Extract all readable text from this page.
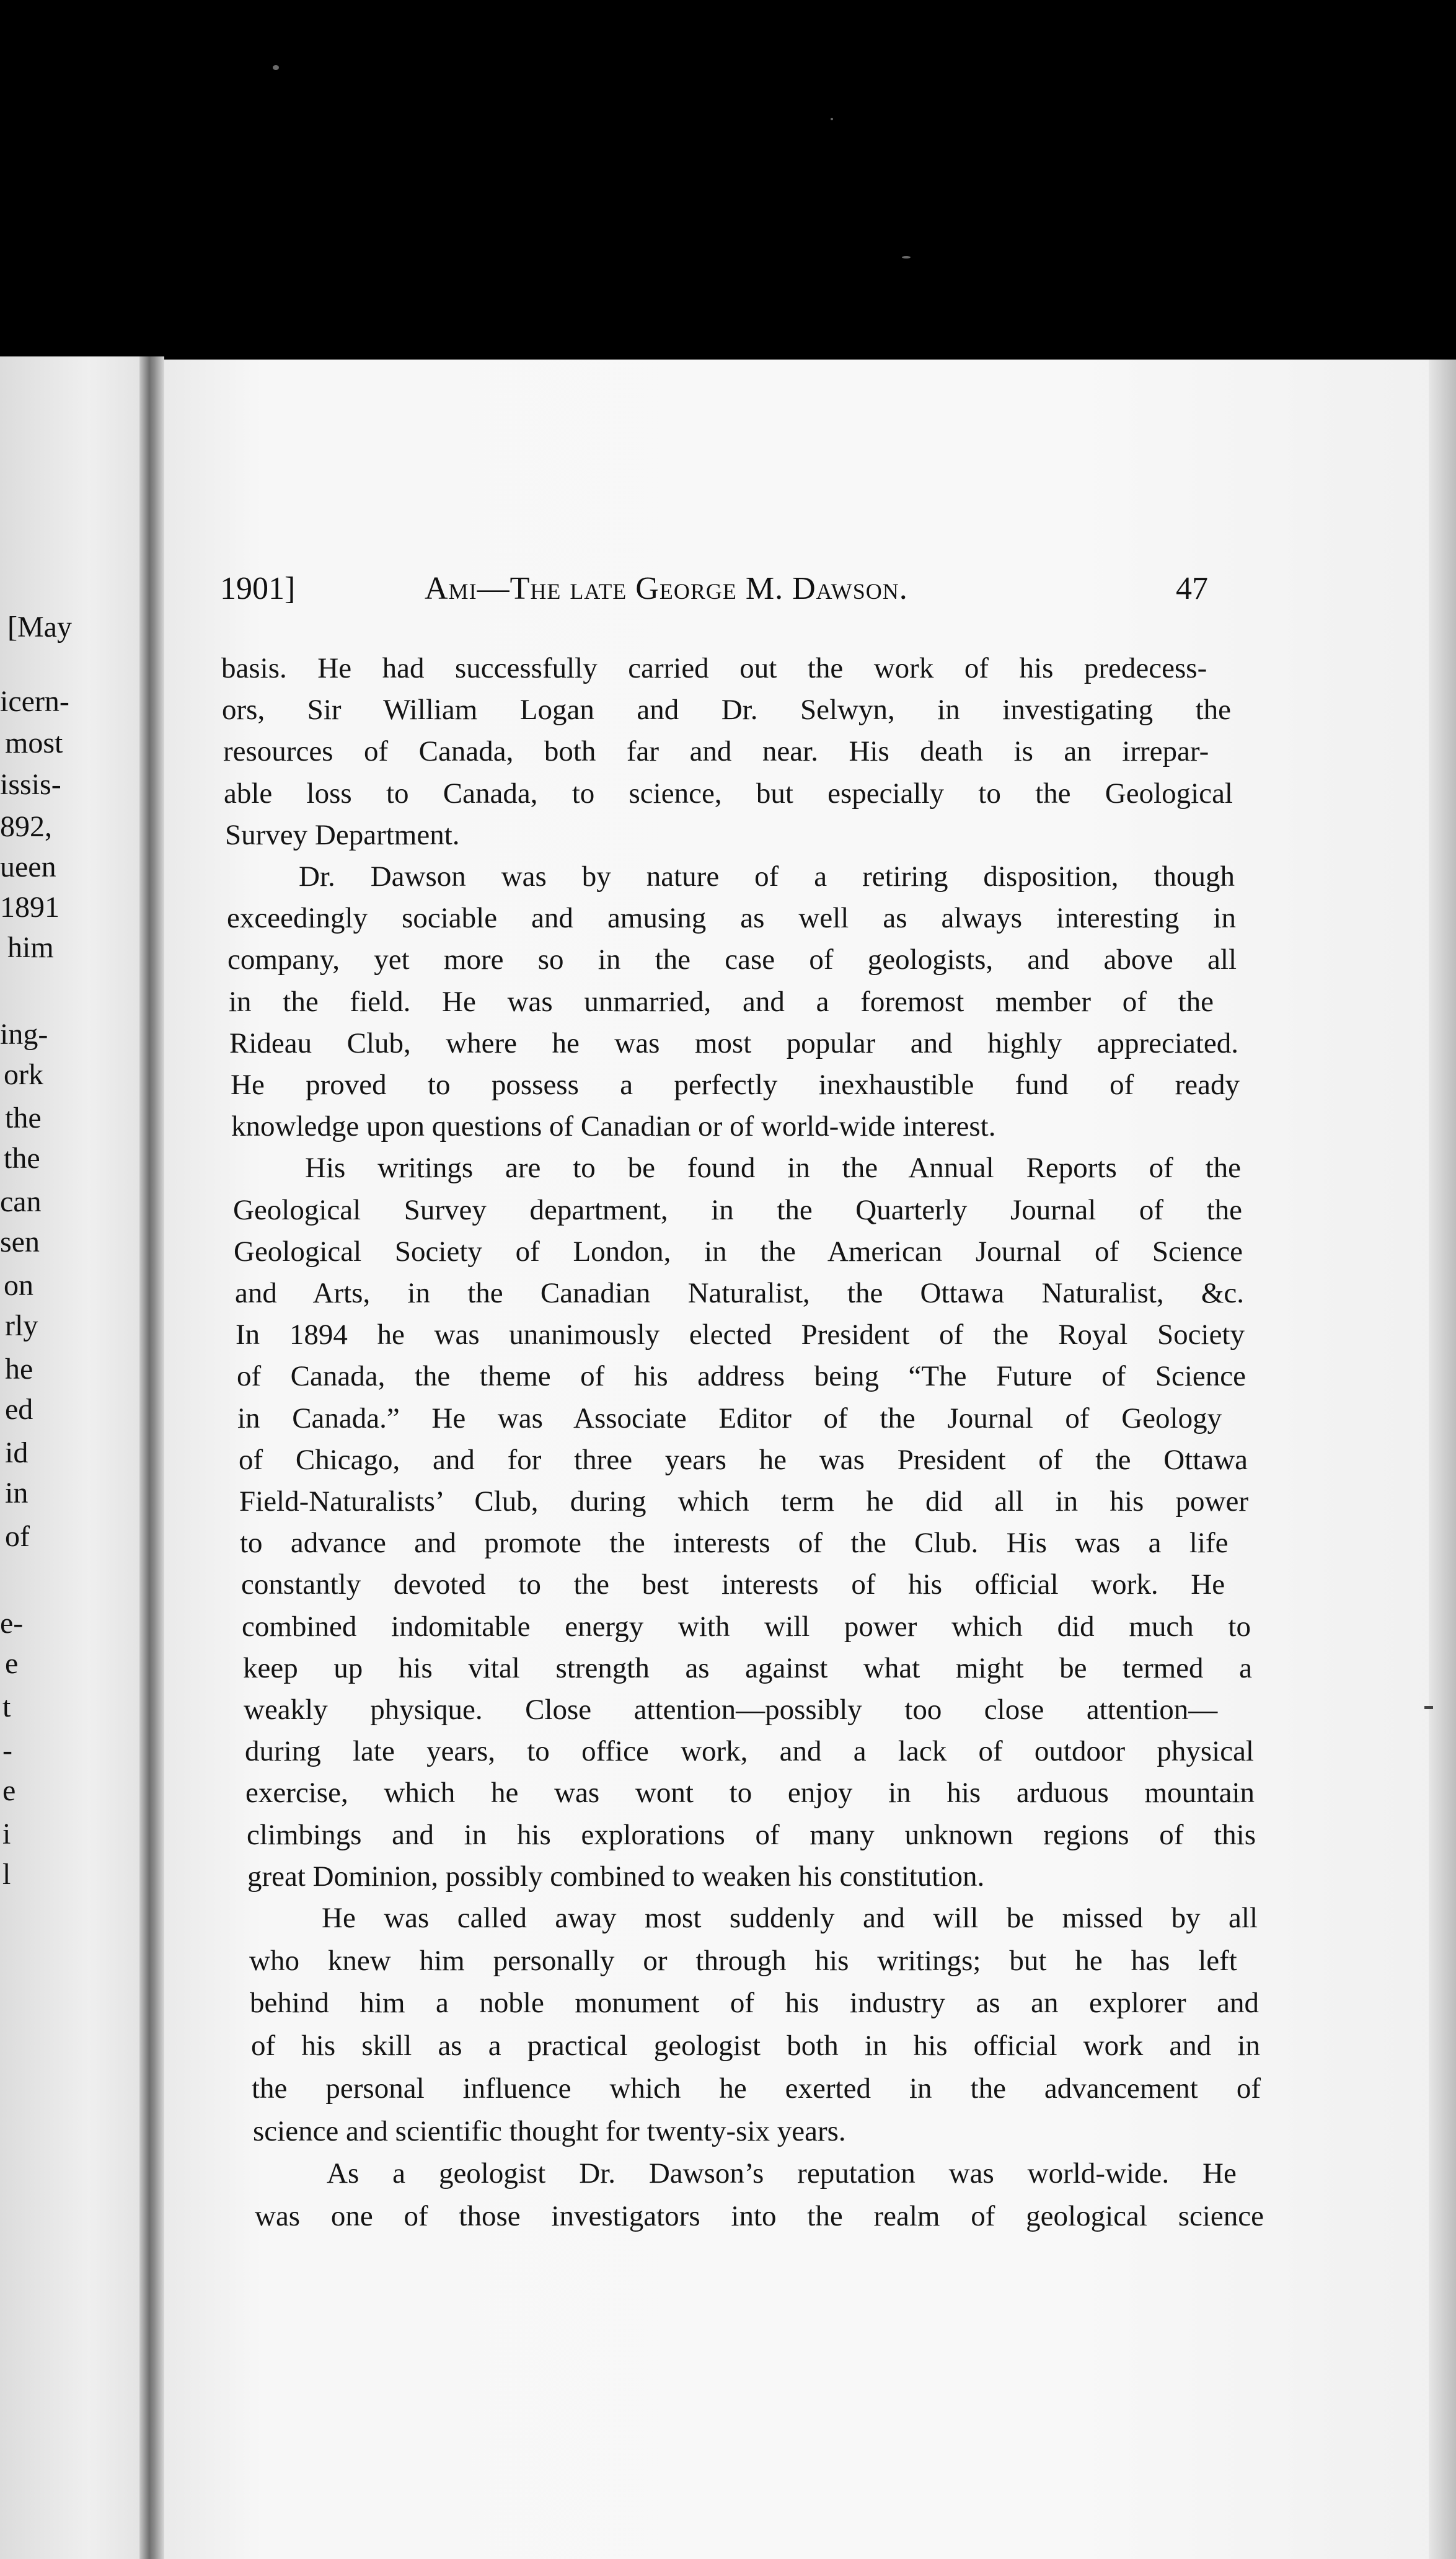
[May
icern-
most
issis-
892,
ueen
1891
him
ing-
ork
the
the
can
sen
on
rly
he
ed
id
in
of
e-
e
t
-
e
i
l
1901]	Ami—The late George M. Dawson.	47
basis. He had successfully carried out the work of his predecess-
ors, Sir William Logan and Dr. Selwyn, in investigating the
resources of Canada, both far and near. His death is an irrepar-
able loss to Canada, to science, but especially to the Geological
Survey Department.
Dr. Dawson was by nature of a retiring disposition, though
exceedingly sociable and amusing as well as always interesting in
company, yet more so in the case of geologists, and above all
in the field. He was unmarried, and a foremost member of the
Rideau Club, where he was most popular and highly appreciated.
He proved to possess a perfectly inexhaustible fund of ready
knowledge upon questions of Canadian or of world-wide interest.
His writings are to be found in the Annual Reports of the
Geological Survey department, in the Quarterly Journal of the
Geological Society of London, in the American Journal of Science
and Arts, in the Canadian Naturalist, the Ottawa Naturalist, &c.
In 1894 he was unanimously elected President of the Royal Society
of Canada, the theme of his address being “The Future of Science
in Canada.” He was Associate Editor of the Journal of Geology
of Chicago, and for three years he was President of the Ottawa
Field-Naturalists’ Club, during which term he did all in his power
to advance and promote the interests of the Club. His was a life
constantly devoted to the best interests of his official work. He
combined indomitable energy with will power which did much to
keep up his vital strength as against what might be termed a
weakly physique. Close attention—possibly too close attention—
during late years, to office work, and a lack of outdoor physical
exercise, which he was wont to enjoy in his arduous mountain
climbings and in his explorations of many unknown regions of this
great Dominion, possibly combined to weaken his constitution.
He was called away most suddenly and will be missed by all
who knew him personally or through his writings; but he has left
behind him a noble monument of his industry as an explorer and
of his skill as a practical geologist both in his official work and in
the personal influence which he exerted in the advancement of
science and scientific thought for twenty-six years.
As a geologist Dr. Dawson’s reputation was world-wide. He
was one of those investigators into the realm of geological science
